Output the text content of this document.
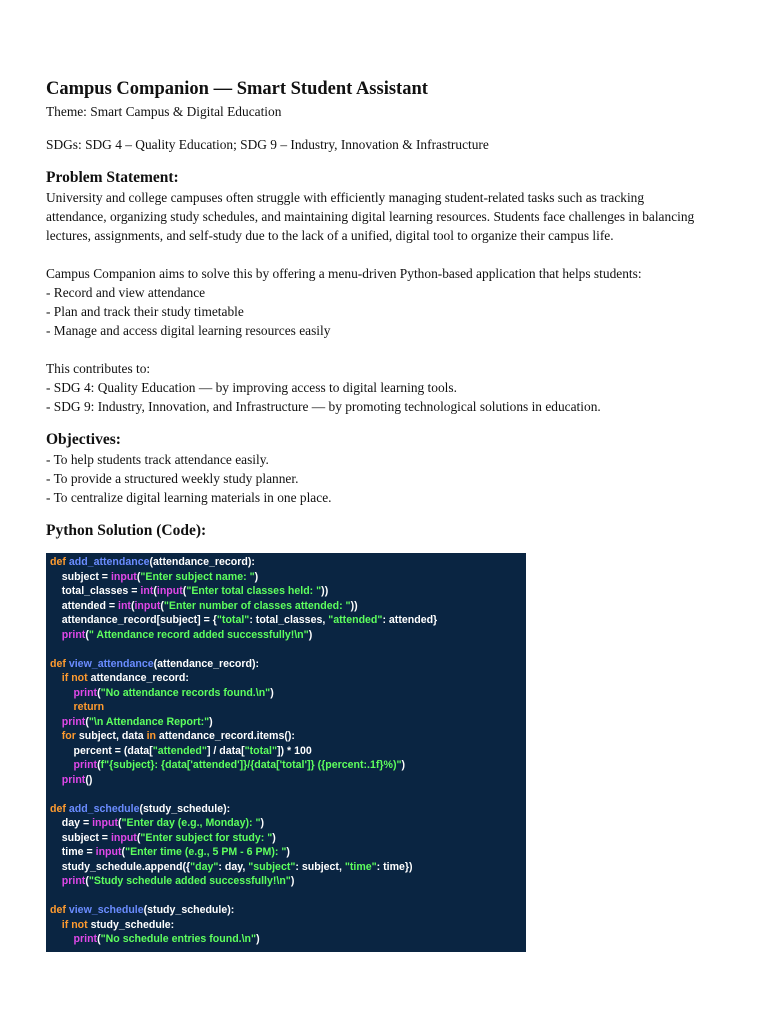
Campus Companion — Smart Student Assistant
Theme: Smart Campus & Digital Education
SDGs: SDG 4 – Quality Education; SDG 9 – Industry, Innovation & Infrastructure
Problem Statement:
University and college campuses often struggle with efficiently managing student-related tasks such as tracking
attendance, organizing study schedules, and maintaining digital learning resources. Students face challenges in balancing
lectures, assignments, and self-study due to the lack of a unified, digital tool to organize their campus life.
Campus Companion aims to solve this by offering a menu-driven Python-based application that helps students:
- Record and view attendance
- Plan and track their study timetable
- Manage and access digital learning resources easily
This contributes to:
- SDG 4: Quality Education — by improving access to digital learning tools.
- SDG 9: Industry, Innovation, and Infrastructure — by promoting technological solutions in education.
Objectives:
- To help students track attendance easily.
- To provide a structured weekly study planner.
- To centralize digital learning materials in one place.
Python Solution (Code):
def add_attendance(attendance_record):
subject = input("Enter subject name: ")
total_classes = int(input("Enter total classes held: "))
attended = int(input("Enter number of classes attended: "))
attendance_record[subject] = {"total": total_classes, "attended": attended}
print(" Attendance record added successfully!\n")
def view_attendance(attendance_record):
if not attendance_record:
print("No attendance records found.\n")
return
print("\n Attendance Report:")
for subject, data in attendance_record.items():
percent = (data["attended"] / data["total"]) * 100
print(f"{subject}: {data['attended']}/{data['total']} ({percent:.1f}%)")
print()
def add_schedule(study_schedule):
day = input("Enter day (e.g., Monday): ")
subject = input("Enter subject for study: ")
time = input("Enter time (e.g., 5 PM - 6 PM): ")
study_schedule.append({"day": day, "subject": subject, "time": time})
print("Study schedule added successfully!\n")
def view_schedule(study_schedule):
if not study_schedule:
print("No schedule entries found.\n")
